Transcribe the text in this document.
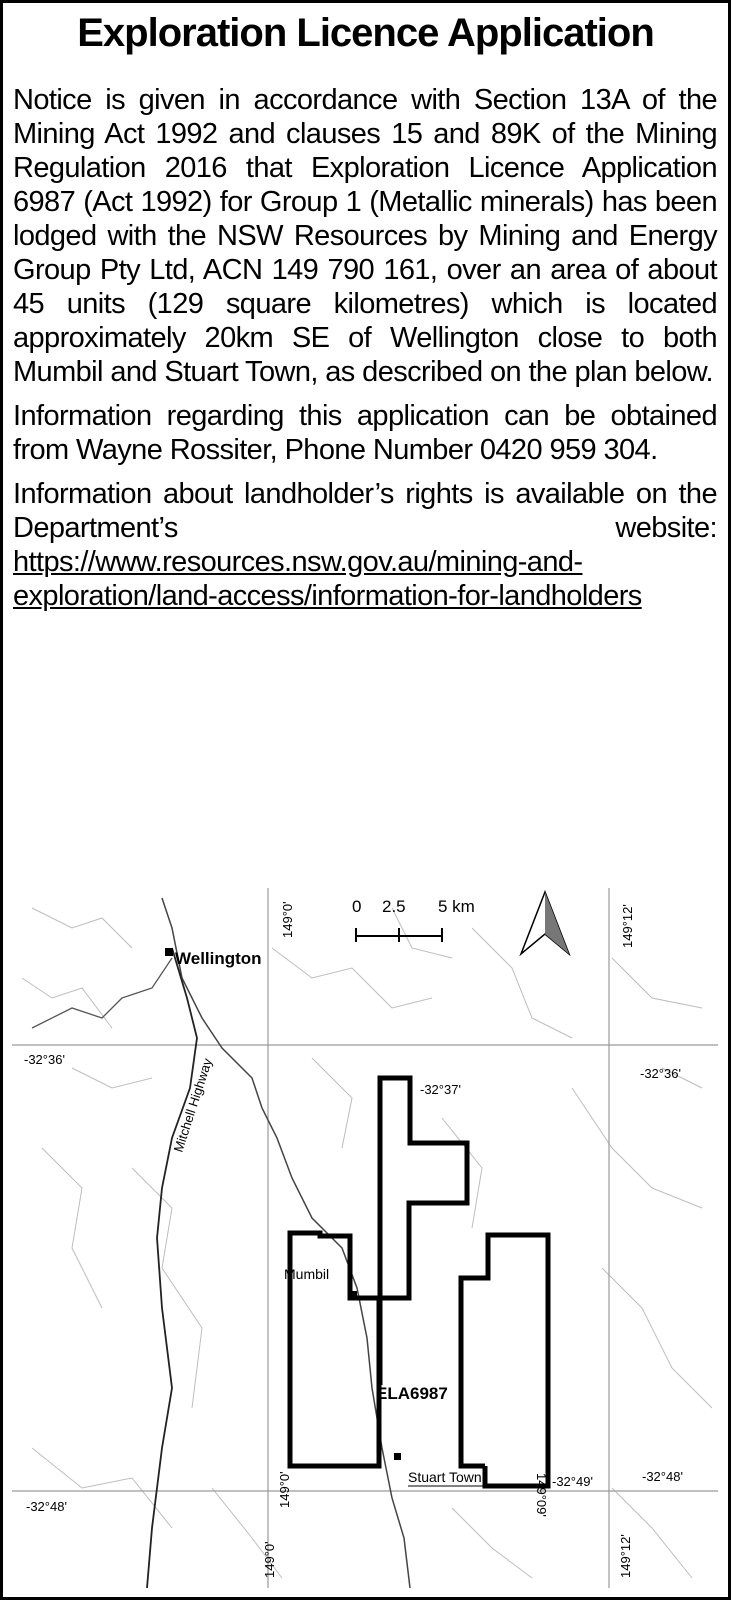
Exploration Licence Application

Notice is given in accordance with Section 13A of the Mining Act 1992 and clauses 15 and 89K of the Mining Regulation 2016 that Exploration Licence Application 6987 (Act 1992) for Group 1 (Metallic minerals) has been lodged with the NSW Resources by Mining and Energy Group Pty Ltd, ACN 149 790 161, over an area of about 45 units (129 square kilometres) which is located approximately 20km SE of Wellington close to both Mumbil and Stuart Town, as described on the plan below.

Information regarding this application can be obtained from Wayne Rossiter, Phone Number 0420 959 304.

Information about landholder’s rights is available on the Department’s website: https://www.resources.nsw.gov.au/mining-and-exploration/land-access/information-for-landholders

Mitchell Highway
Wellington
Mumbil
Stuart Town
ELA6987
0 2.5 5 km
149°0'
149°0'
149°0'
149°09'
149°12'
149°12'
-32°36'
-32°36'
-32°37'
-32°48'
-32°48'
-32°49'
